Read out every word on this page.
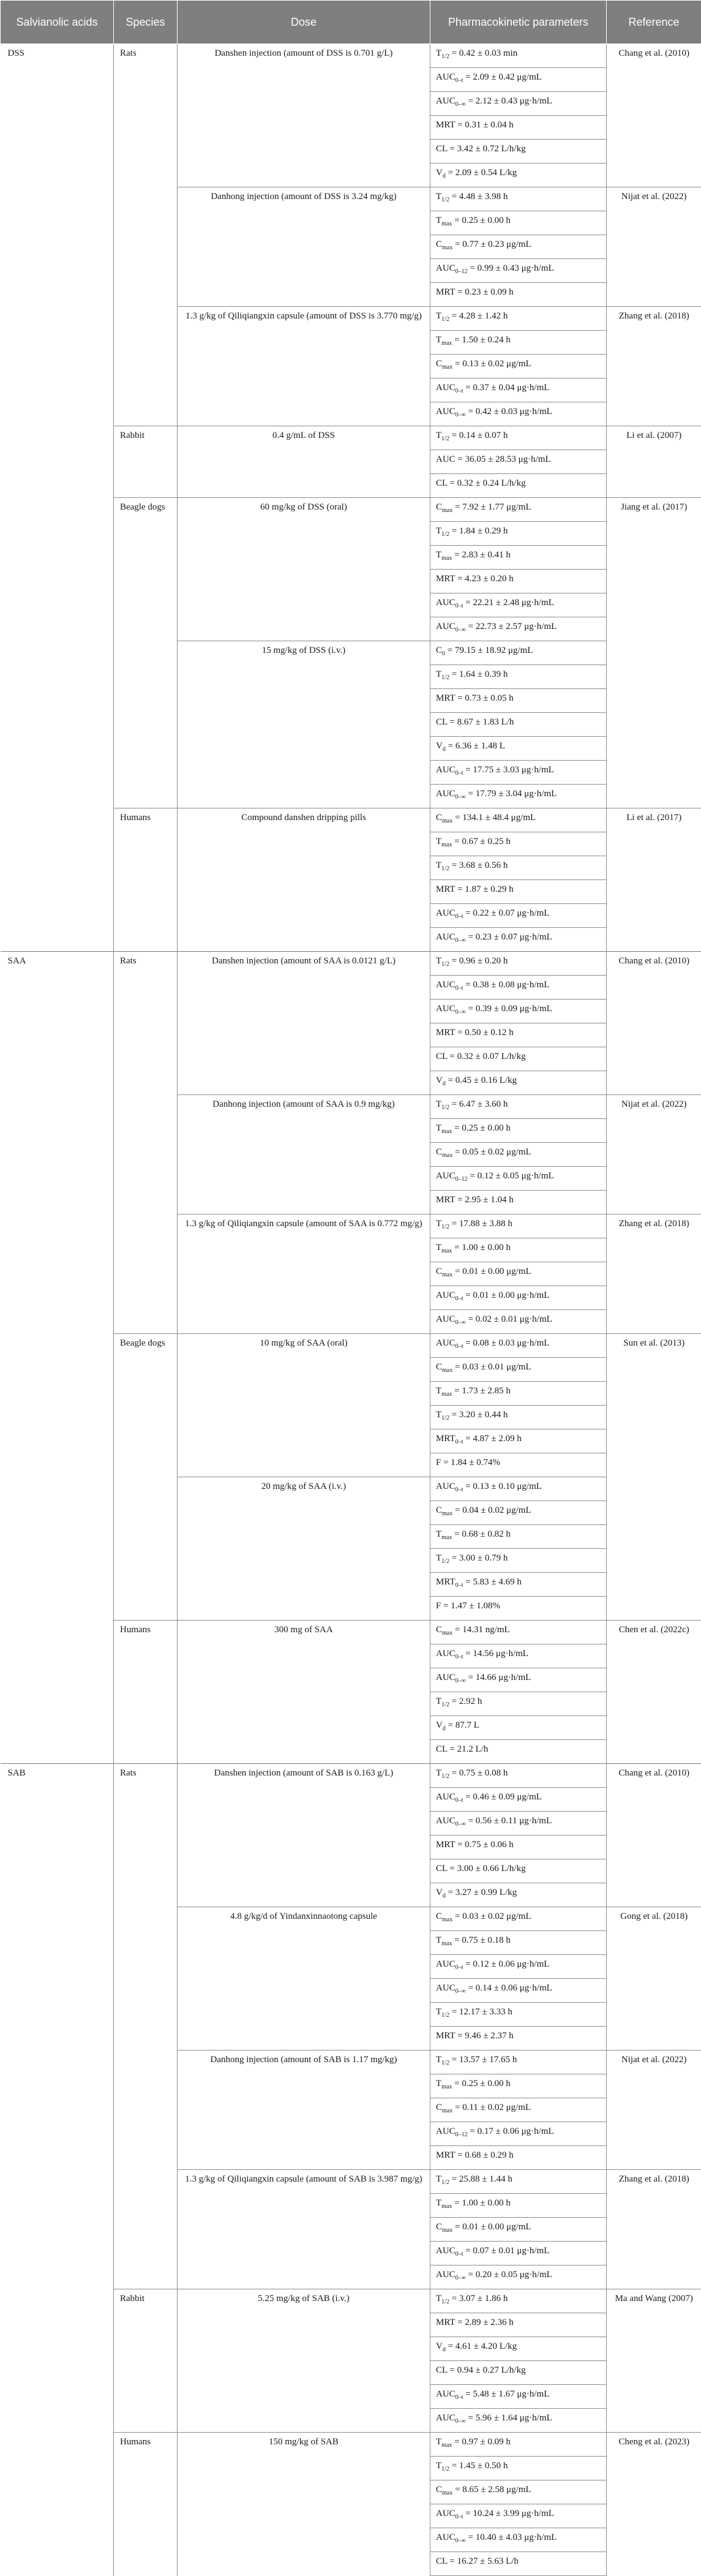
Salvianolic acids	Species	Dose	Pharmacokinetic parameters	Reference
DSS	Rats	Danshen injection (amount of DSS is 0.701 g/L)	$T_{1/2} = 0.42 \pm 0.03$ min	Chang et al. (2010)
			$AUC_{0-t} = 2.09 \pm 0.42$ μg/mL	
			$AUC_{0-\infty} = 2.12 \pm 0.43$ μg·h/mL	
			MRT = 0.31 ± 0.04 h	
			CL = 3.42 ± 0.72 L/h/kg	
			$V_d = 2.09 \pm 0.54$ L/kg	
		Danhong injection (amount of DSS is 3.24 mg/kg)	$T_{1/2} = 4.48 \pm 3.98$ h	Nijat et al. (2022)
			$T_{max} = 0.25 \pm 0.00$ h	
			$C_{max} = 0.77 \pm 0.23$ μg/mL	
			$AUC_{0-12} = 0.99 \pm 0.43$ μg·h/mL	
			MRT = 0.23 ± 0.09 h	
		1.3 g/kg of Qiliqiangxin capsule (amount of DSS is 3.770 mg/g)	$T_{1/2} = 4.28 \pm 1.42$ h	Zhang et al. (2018)
			$T_{max} = 1.50 \pm 0.24$ h	
			$C_{max} = 0.13 \pm 0.02$ μg/mL	
			$AUC_{0-t} = 0.37 \pm 0.04$ μg·h/mL	
			$AUC_{0-\infty} = 0.42 \pm 0.03$ μg·h/mL	
	Rabbit	0.4 g/mL of DSS	$T_{1/2} = 0.14 \pm 0.07$ h	Li et al. (2007)
			AUC = 36.05 ± 28.53 μg·h/mL	
			CL = 0.32 ± 0.24 L/h/kg	
	Beagle dogs	60 mg/kg of DSS (oral)	$C_{max} = 7.92 \pm 1.77$ μg/mL	Jiang et al. (2017)
			$T_{1/2} = 1.84 \pm 0.29$ h	
			$T_{max} = 2.83 \pm 0.41$ h	
			MRT = 4.23 ± 0.20 h	
			$AUC_{0-t} = 22.21 \pm 2.48$ μg·h/mL	
			$AUC_{0-\infty} = 22.73 \pm 2.57$ μg·h/mL	
		15 mg/kg of DSS (i.v.)	$C_0 = 79.15 \pm 18.92$ μg/mL	
			$T_{1/2} = 1.64 \pm 0.39$ h	
			MRT = 0.73 ± 0.05 h	
			CL = 8.67 ± 1.83 L/h	
			$V_d = 6.36 \pm 1.48$ L	
			$AUC_{0-t} = 17.75 \pm 3.03$ μg·h/mL	
			$AUC_{0-\infty} = 17.79 \pm 3.04$ μg·h/mL	
	Humans	Compound danshen dripping pills	$C_{max} = 134.1 \pm 48.4$ μg/mL	Li et al. (2017)
			$T_{max} = 0.67 \pm 0.25$ h	
			$T_{1/2} = 3.68 \pm 0.56$ h	
			MRT = 1.87 ± 0.29 h	
			$AUC_{0-t} = 0.22 \pm 0.07$ μg·h/mL	
			$AUC_{0-\infty} = 0.23 \pm 0.07$ μg·h/mL	
SAA	Rats	Danshen injection (amount of SAA is 0.0121 g/L)	$T_{1/2} = 0.96 \pm 0.20$ h	Chang et al. (2010)
			$AUC_{0-t} = 0.38 \pm 0.08$ μg·h/mL	
			$AUC_{0-\infty} = 0.39 \pm 0.09$ μg·h/mL	
			MRT = 0.50 ± 0.12 h	
			CL = 0.32 ± 0.07 L/h/kg	
			$V_d = 0.45 \pm 0.16$ L/kg	
		Danhong injection (amount of SAA is 0.9 mg/kg)	$T_{1/2} = 6.47 \pm 3.60$ h	Nijat et al. (2022)
			$T_{max} = 0.25 \pm 0.00$ h	
			$C_{max} = 0.05 \pm 0.02$ μg/mL	
			$AUC_{0-12} = 0.12 \pm 0.05$ μg·h/mL	
			MRT = 2.95 ± 1.04 h	
		1.3 g/kg of Qiliqiangxin capsule (amount of SAA is 0.772 mg/g)	$T_{1/2} = 17.88 \pm 3.88$ h	Zhang et al. (2018)
			$T_{max} = 1.00 \pm 0.00$ h	
			$C_{max} = 0.01 \pm 0.00$ μg/mL	
			$AUC_{0-t} = 0.01 \pm 0.00$ μg·h/mL	
			$AUC_{0-\infty} = 0.02 \pm 0.01$ μg·h/mL	
	Beagle dogs	10 mg/kg of SAA (oral)	$AUC_{0-t} = 0.08 \pm 0.03$ μg·h/mL	Sun et al. (2013)
			$C_{max} = 0.03 \pm 0.01$ μg/mL	
			$T_{max} = 1.73 \pm 2.85$ h	
			$T_{1/2} = 3.20 \pm 0.44$ h	
			$MRT_{0-t} = 4.87 \pm 2.09$ h	
			F = 1.84 ± 0.74%	
		20 mg/kg of SAA (i.v.)	$AUC_{0-t} = 0.13 \pm 0.10$ μg/mL	
			$C_{max} = 0.04 \pm 0.02$ μg/mL	
			$T_{max} = 0.68 \pm 0.82$ h	
			$T_{1/2} = 3.00 \pm 0.79$ h	
			$MRT_{0-t} = 5.83 \pm 4.69$ h	
			F = 1.47 ± 1.08%	
	Humans	300 mg of SAA	$C_{max} = 14.31$ ng/mL	Chen et al. (2022c)
			$AUC_{0-t} = 14.56$ μg·h/mL	
			$AUC_{0-\infty} = 14.66$ μg·h/mL	
			$T_{1/2} = 2.92$ h	
			$V_d = 87.7$ L	
			CL = 21.2 L/h	
SAB	Rats	Danshen injection (amount of SAB is 0.163 g/L)	$T_{1/2} = 0.75 \pm 0.08$ h	Chang et al. (2010)
			$AUC_{0-t} = 0.46 \pm 0.09$ μg/mL	
			$AUC_{0-\infty} = 0.56 \pm 0.11$ μg·h/mL	
			MRT = 0.75 ± 0.06 h	
			CL = 3.00 ± 0.66 L/h/kg	
			$V_d = 3.27 \pm 0.99$ L/kg	
		4.8 g/kg/d of Yindanxinnaotong capsule	$C_{max} = 0.03 \pm 0.02$ μg/mL	Gong et al. (2018)
			$T_{max} = 0.75 \pm 0.18$ h	
			$AUC_{0-t} = 0.12 \pm 0.06$ μg·h/mL	
			$AUC_{0-\infty} = 0.14 \pm 0.06$ μg·h/mL	
			$T_{1/2} = 12.17 \pm 3.33$ h	
			MRT = 9.46 ± 2.37 h	
		Danhong injection (amount of SAB is 1.17 mg/kg)	$T_{1/2} = 13.57 \pm 17.65$ h	Nijat et al. (2022)
			$T_{max} = 0.25 \pm 0.00$ h	
			$C_{max} = 0.11 \pm 0.02$ μg/mL	
			$AUC_{0-12} = 0.17 \pm 0.06$ μg·h/mL	
			MRT = 0.68 ± 0.29 h	
		1.3 g/kg of Qiliqiangxin capsule (amount of SAB is 3.987 mg/g)	$T_{1/2} = 25.88 \pm 1.44$ h	Zhang et al. (2018)
			$T_{max} = 1.00 \pm 0.00$ h	
			$C_{max} = 0.01 \pm 0.00$ μg/mL	
			$AUC_{0-t} = 0.07 \pm 0.01$ μg·h/mL	
			$AUC_{0-\infty} = 0.20 \pm 0.05$ μg·h/mL	
	Rabbit	5.25 mg/kg of SAB (i.v.)	$T_{1/2} = 3.07 \pm 1.86$ h	Ma and Wang (2007)
			MRT = 2.89 ± 2.36 h	
			$V_d = 4.61 \pm 4.20$ L/kg	
			CL = 0.94 ± 0.27 L/h/kg	
			$AUC_{0-t} = 5.48 \pm 1.67$ μg·h/mL	
			$AUC_{0-\infty} = 5.96 \pm 1.64$ μg·h/mL	
	Humans	150 mg/kg of SAB	$T_{max} = 0.97 \pm 0.09$ h	Cheng et al. (2023)
			$T_{1/2} = 1.45 \pm 0.50$ h	
			$C_{max} = 8.65 \pm 2.58$ μg/mL	
			$AUC_{0-t} = 10.24 \pm 3.99$ μg·h/mL	
			$AUC_{0-\infty} = 10.40 \pm 4.03$ μg·h/mL	
			CL = 16.27 ± 5.63 L/h	
